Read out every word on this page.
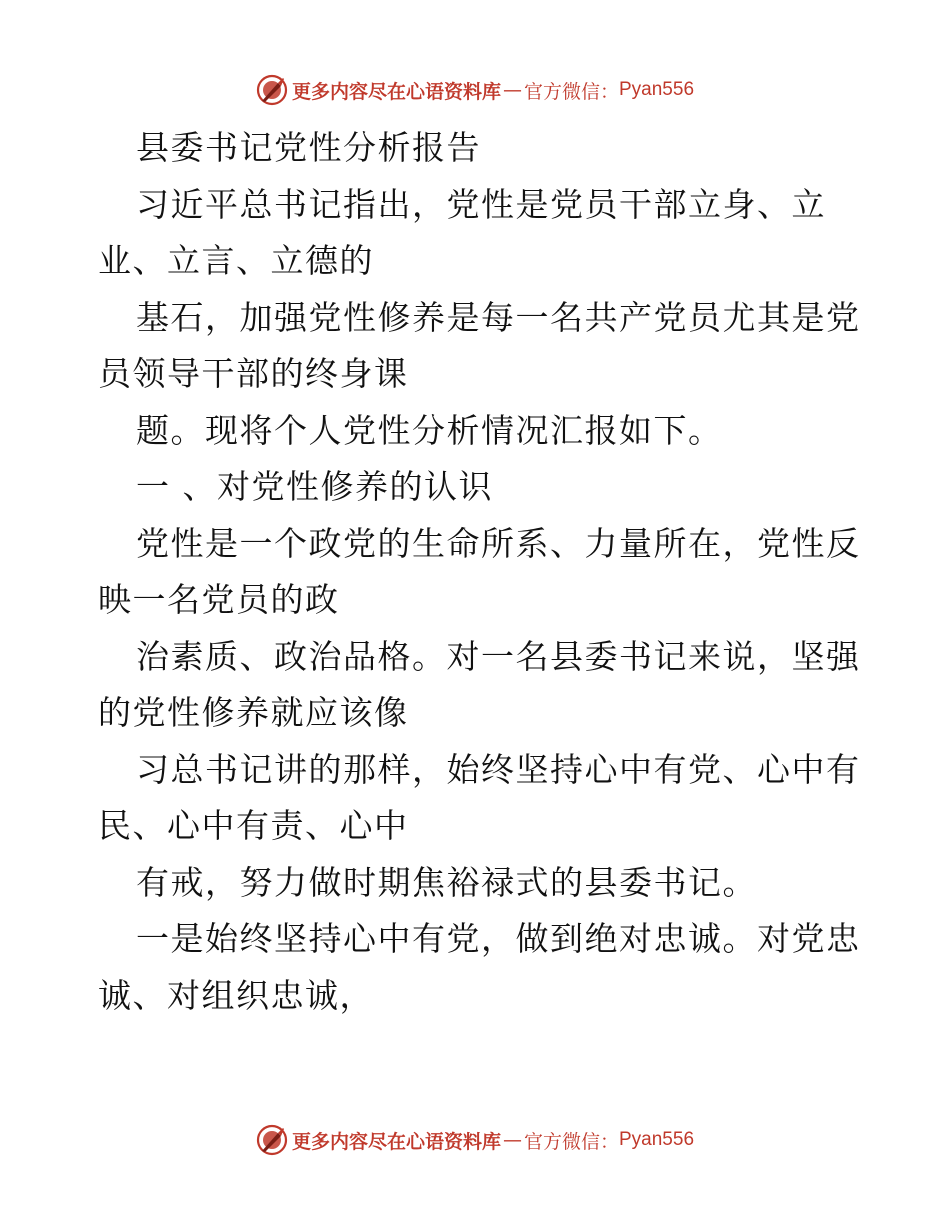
更多内容尽在心语资料库 — 官方微信： Pyan556
县委书记党性分析报告
习近平总书记指出，党性是党员干部立身、立
业、立言、立德的
基石，加强党性修养是每一名共产党员尤其是党
员领导干部的终身课
题。现将个人党性分析情况汇报如下。
一 、对党性修养的认识
党性是一个政党的生命所系、力量所在，党性反
映一名党员的政
治素质、政治品格。对一名县委书记来说，坚强
的党性修养就应该像
习总书记讲的那样，始终坚持心中有党、心中有
民、心中有责、心中
有戒，努力做时期焦裕禄式的县委书记。
一是始终坚持心中有党，做到绝对忠诚。对党忠
诚、对组织忠诚，
更多内容尽在心语资料库 — 官方微信： Pyan556
